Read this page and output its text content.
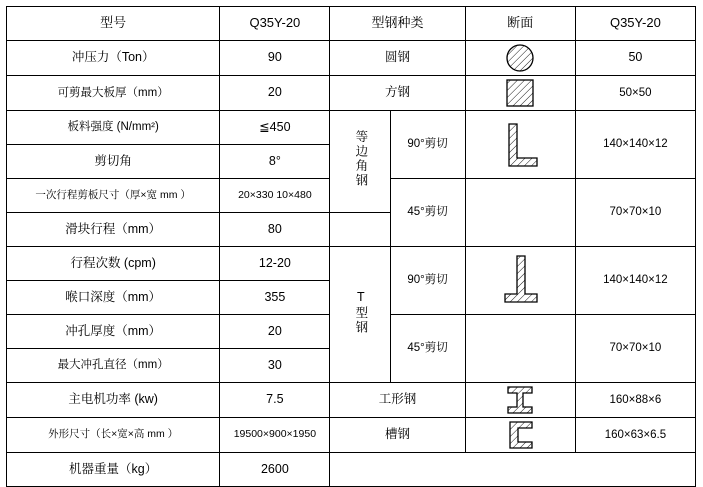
型号	Q35Y-20	型钢种类		断面	Q35Y-20
冲压力（Ton）	90	圆钢			50
可剪最大板厚（mm）	20	方钢			50×50
板料强度 (N/mm²)	≦450	等边角钢	90°剪切		140×140×12
剪切角	8°				
一次行程剪板尺寸（厚×宽 mm ）	20×330 10×480		45°剪切		70×70×10
滑块行程（mm）	80				
行程次数 (cpm)	12-20	T型钢	90°剪切		140×140×12
喉口深度（mm）	355				
冲孔厚度（mm）	20		45°剪切		70×70×10
最大冲孔直径（mm）	30				
主电机功率 (kw)	7.5	工形钢			160×88×6
外形尺寸（长×宽×高 mm ）	19500×900×1950	槽钢			160×63×6.5
机器重量（kg）	2600				
